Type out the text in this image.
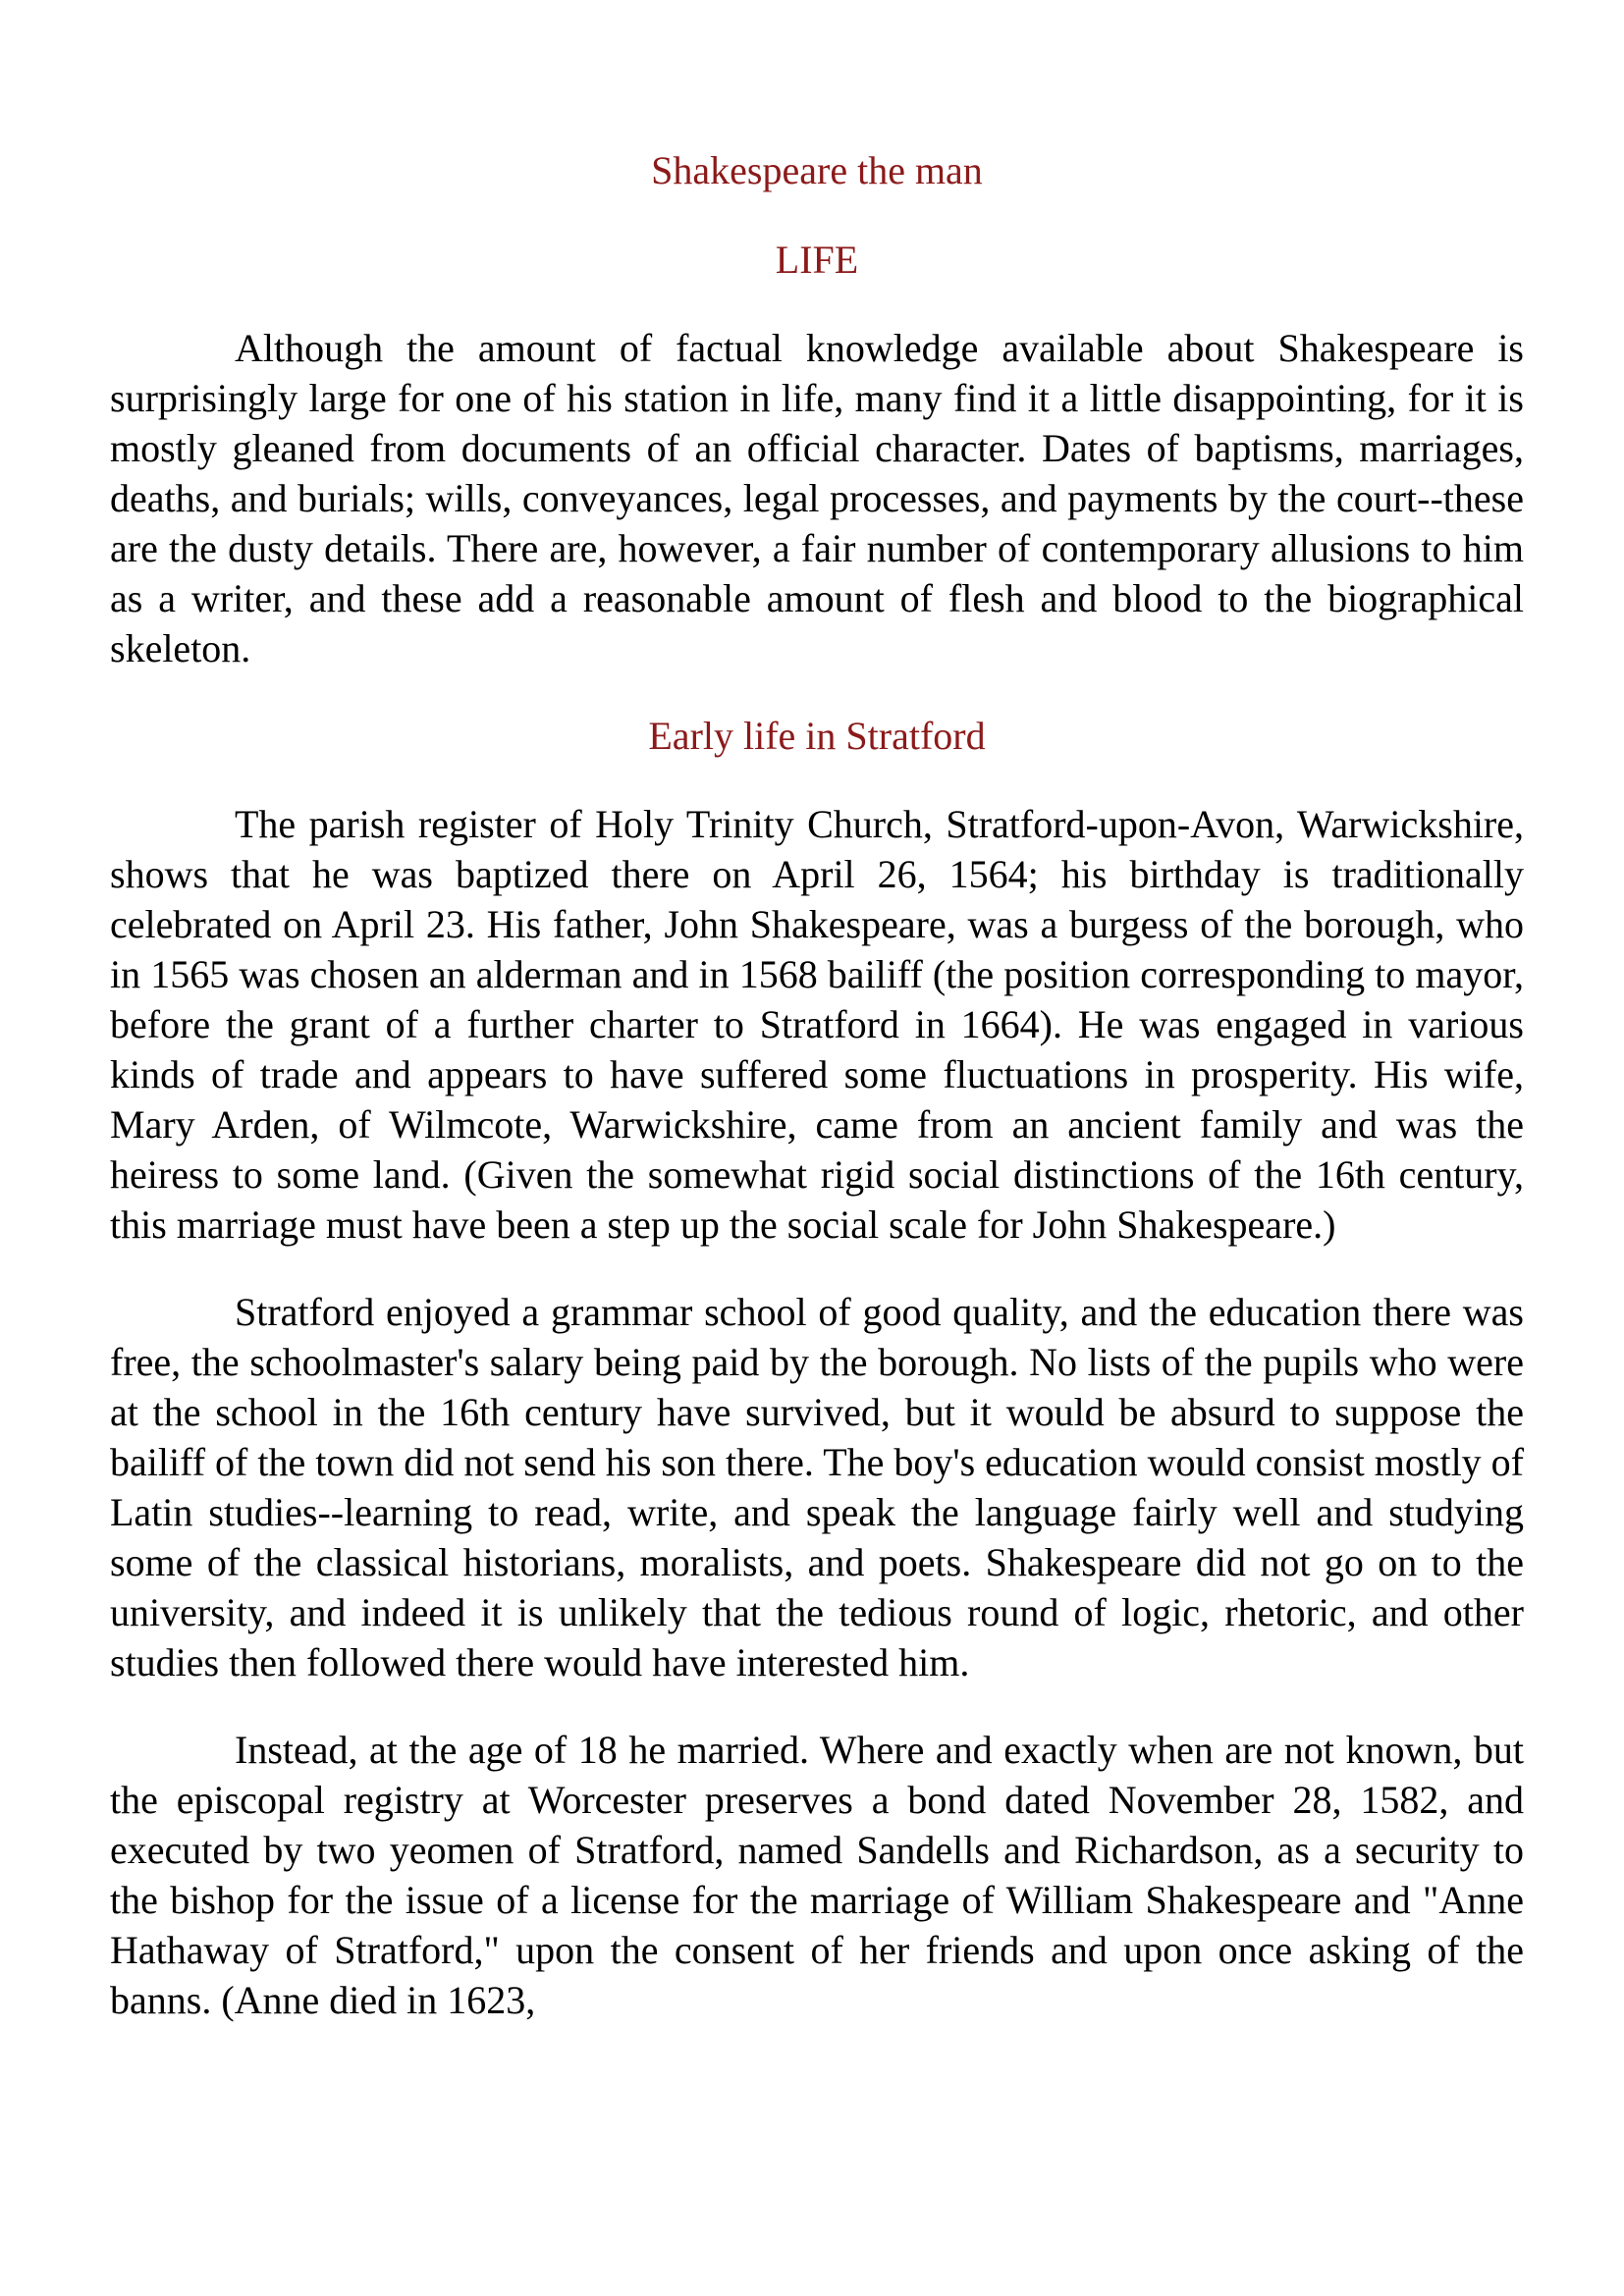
Shakespeare the man
LIFE

Although the amount of factual knowledge available about Shakespeare is surprisingly large for one of his station in life, many find it a little disappointing, for it is mostly gleaned from documents of an official character. Dates of baptisms, marriages, deaths, and burials; wills, conveyances, legal processes, and payments by the court--these are the dusty details. There are, however, a fair number of contemporary allusions to him as a writer, and these add a reasonable amount of flesh and blood to the biographical skeleton.

Early life in Stratford

The parish register of Holy Trinity Church, Stratford-upon-Avon, Warwickshire, shows that he was baptized there on April 26, 1564; his birthday is traditionally celebrated on April 23. His father, John Shakespeare, was a burgess of the borough, who in 1565 was chosen an alderman and in 1568 bailiff (the position corresponding to mayor, before the grant of a further charter to Stratford in 1664). He was engaged in various kinds of trade and appears to have suffered some fluctuations in prosperity. His wife, Mary Arden, of Wilmcote, Warwickshire, came from an ancient family and was the heiress to some land. (Given the somewhat rigid social distinctions of the 16th century, this marriage must have been a step up the social scale for John Shakespeare.)

Stratford enjoyed a grammar school of good quality, and the education there was free, the schoolmaster's salary being paid by the borough. No lists of the pupils who were at the school in the 16th century have survived, but it would be absurd to suppose the bailiff of the town did not send his son there. The boy's education would consist mostly of Latin studies--learning to read, write, and speak the language fairly well and studying some of the classical historians, moralists, and poets. Shakespeare did not go on to the university, and indeed it is unlikely that the tedious round of logic, rhetoric, and other studies then followed there would have interested him.

Instead, at the age of 18 he married. Where and exactly when are not known, but the episcopal registry at Worcester preserves a bond dated November 28, 1582, and executed by two yeomen of Stratford, named Sandells and Richardson, as a security to the bishop for the issue of a license for the marriage of William Shakespeare and "Anne Hathaway of Stratford," upon the consent of her friends and upon once asking of the banns. (Anne died in 1623,
